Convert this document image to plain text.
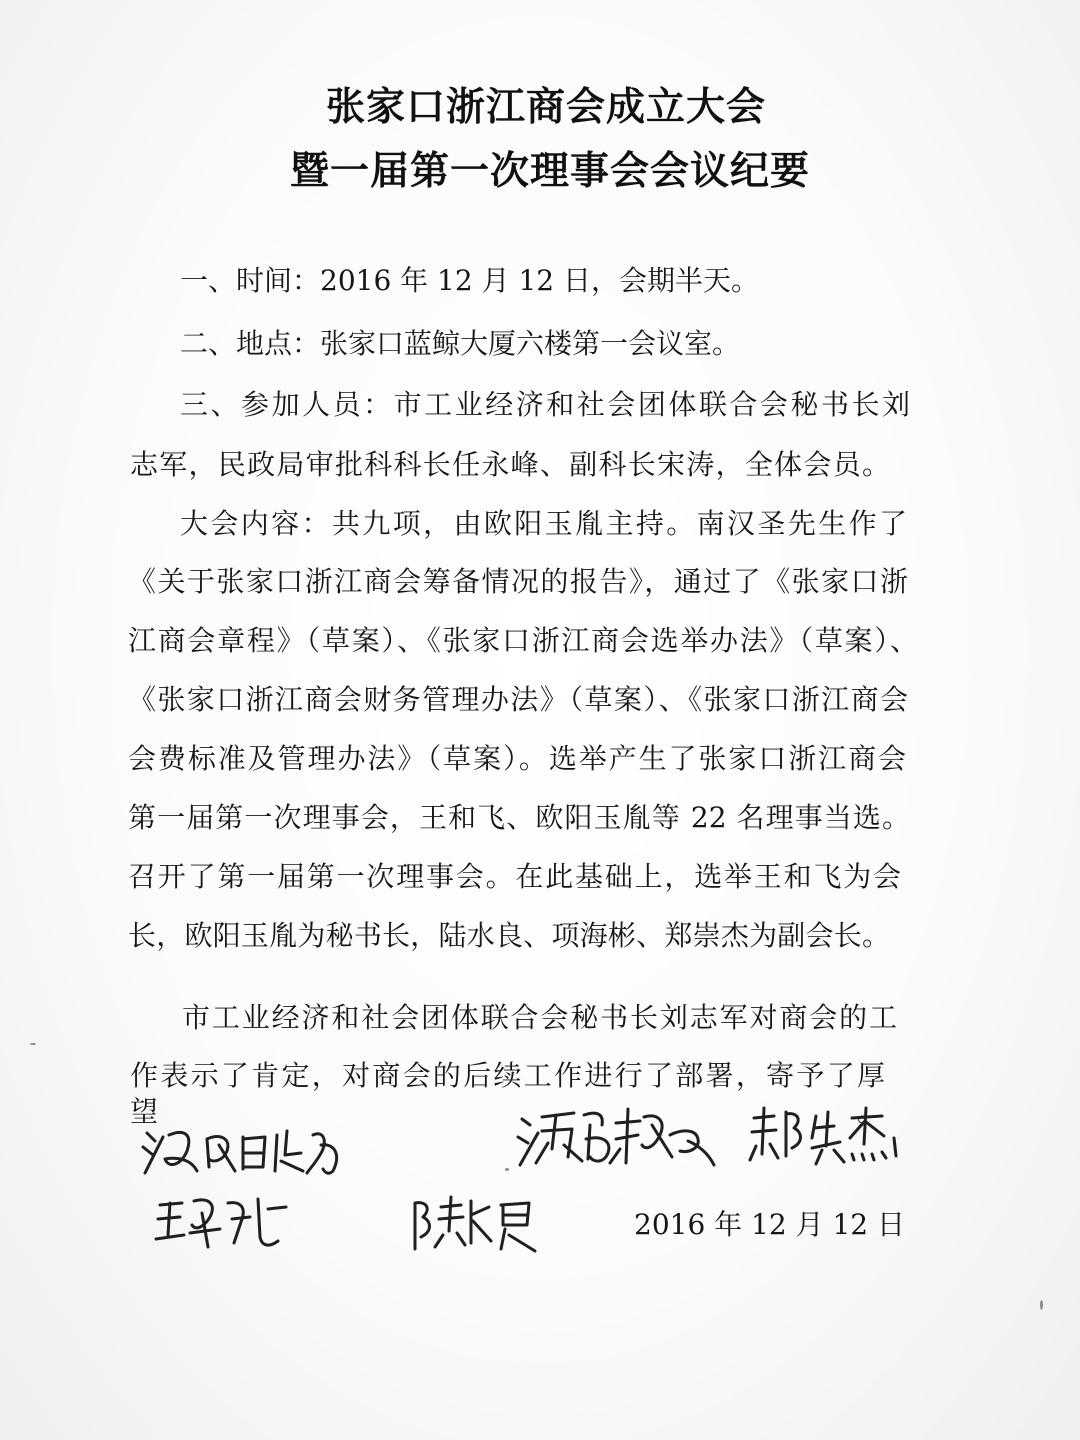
张家口浙江商会成立大会
暨一届第一次理事会会议纪要

一、时间：2016 年 12 月 12 日，会期半天。

二、地点：张家口蓝鲸大厦六楼第一会议室。

三、参加人员：市工业经济和社会团体联合会秘书长刘

志军，民政局审批科科长任永峰、副科长宋涛，全体会员。

大会内容：共九项，由欧阳玉胤主持。南汉圣先生作了

《关于张家口浙江商会筹备情况的报告》，通过了《张家口浙

江商会章程》（草案）、《张家口浙江商会选举办法》（草案）、

《张家口浙江商会财务管理办法》（草案）、《张家口浙江商会

会费标准及管理办法》（草案）。选举产生了张家口浙江商会

第一届第一次理事会，王和飞、欧阳玉胤等 22 名理事当选。

召开了第一届第一次理事会。在此基础上，选举王和飞为会

长，欧阳玉胤为秘书长，陆水良、项海彬、郑崇杰为副会长。

市工业经济和社会团体联合会秘书长刘志军对商会的工

作表示了肯定，对商会的后续工作进行了部署，寄予了厚望。

2016 年 12 月 12 日
